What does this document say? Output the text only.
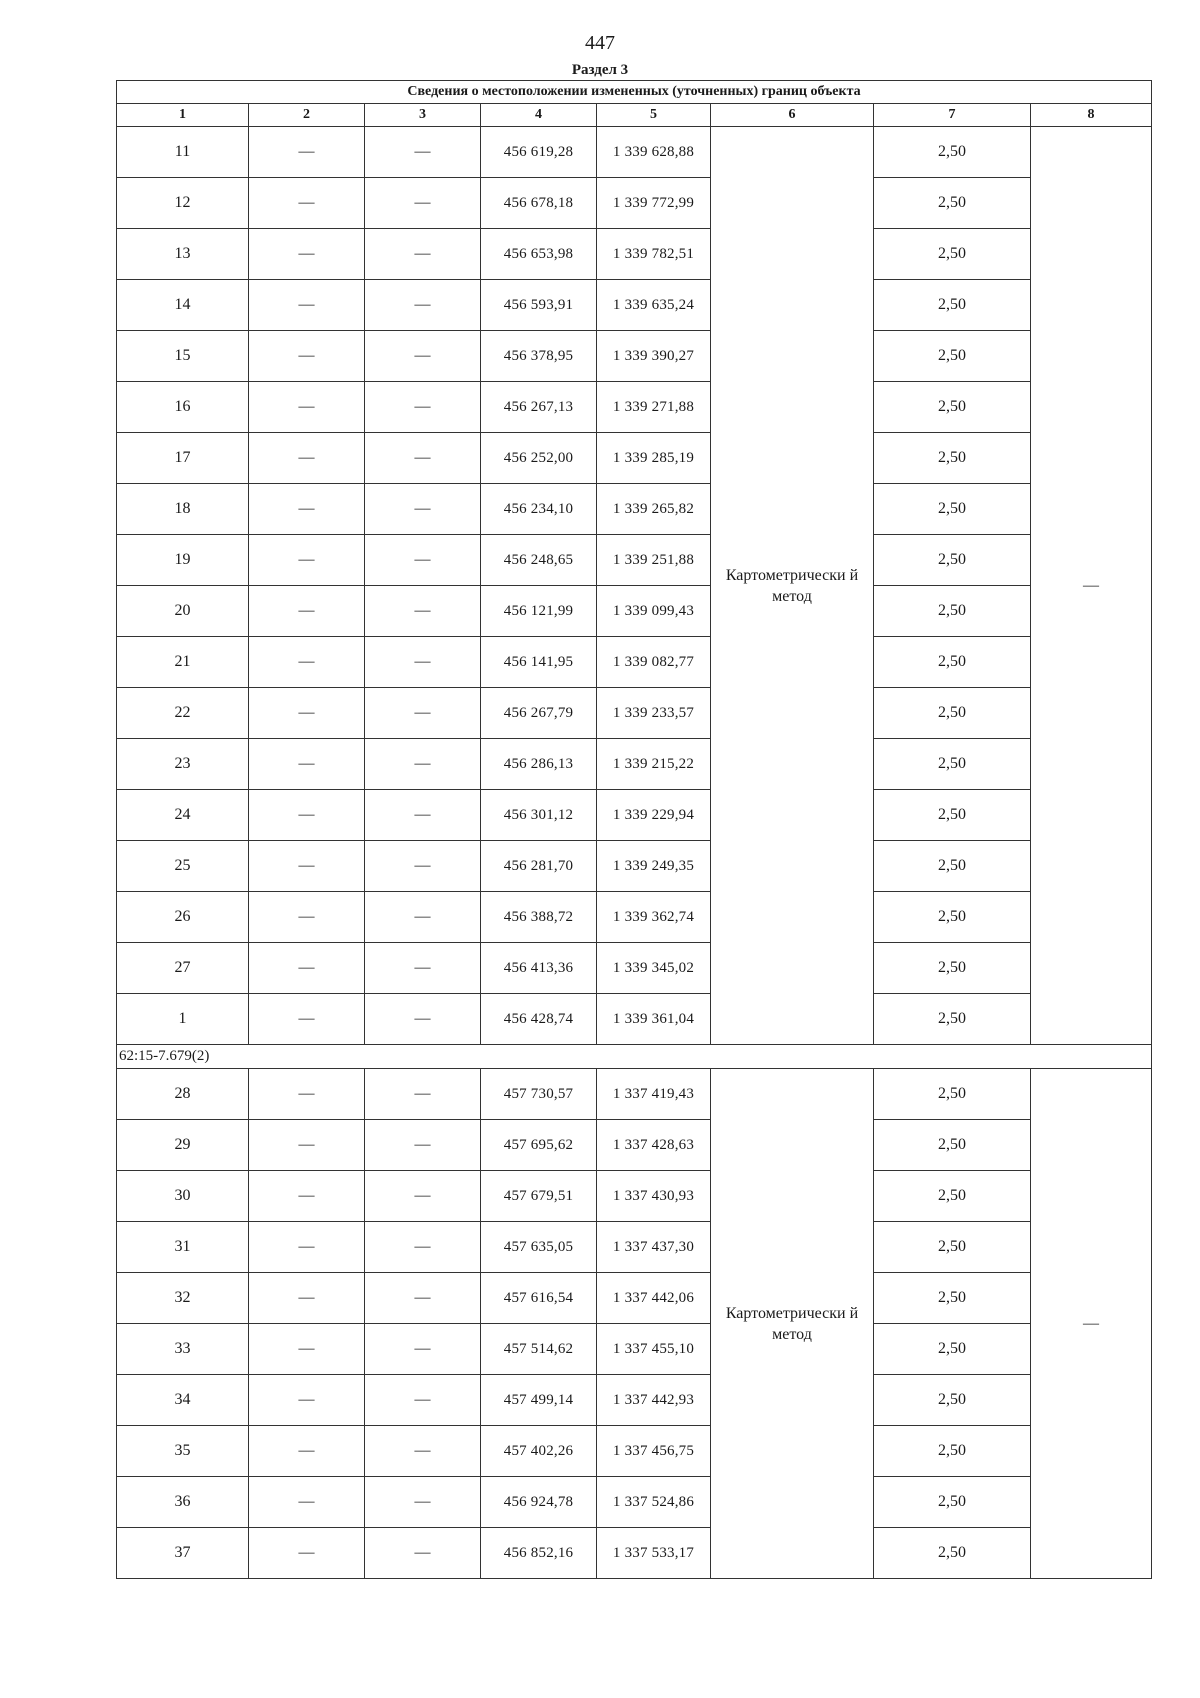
447
Раздел 3
Сведения о местоположении измененных (уточненных) границ объекта							
1	2	3	4	5	6	7	8
11	—	—	456 619,28	1 339 628,88	Картометрически й метод	2,50	—
12	—	—	456 678,18	1 339 772,99		2,50	
13	—	—	456 653,98	1 339 782,51		2,50	
14	—	—	456 593,91	1 339 635,24		2,50	
15	—	—	456 378,95	1 339 390,27		2,50	
16	—	—	456 267,13	1 339 271,88		2,50	
17	—	—	456 252,00	1 339 285,19		2,50	
18	—	—	456 234,10	1 339 265,82		2,50	
19	—	—	456 248,65	1 339 251,88		2,50	
20	—	—	456 121,99	1 339 099,43		2,50	
21	—	—	456 141,95	1 339 082,77		2,50	
22	—	—	456 267,79	1 339 233,57		2,50	
23	—	—	456 286,13	1 339 215,22		2,50	
24	—	—	456 301,12	1 339 229,94		2,50	
25	—	—	456 281,70	1 339 249,35		2,50	
26	—	—	456 388,72	1 339 362,74		2,50	
27	—	—	456 413,36	1 339 345,02		2,50	
1	—	—	456 428,74	1 339 361,04		2,50	
62:15-7.679(2)							
28	—	—	457 730,57	1 337 419,43	Картометрически й метод	2,50	—
29	—	—	457 695,62	1 337 428,63		2,50	
30	—	—	457 679,51	1 337 430,93		2,50	
31	—	—	457 635,05	1 337 437,30		2,50	
32	—	—	457 616,54	1 337 442,06		2,50	
33	—	—	457 514,62	1 337 455,10		2,50	
34	—	—	457 499,14	1 337 442,93		2,50	
35	—	—	457 402,26	1 337 456,75		2,50	
36	—	—	456 924,78	1 337 524,86		2,50	
37	—	—	456 852,16	1 337 533,17		2,50	
